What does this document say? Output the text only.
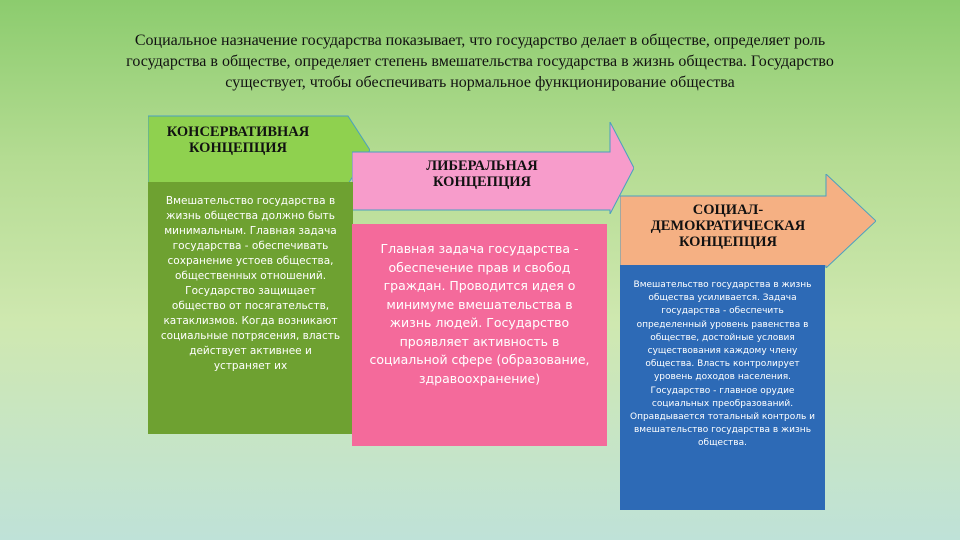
Социальное назначение государства показывает, что государство делает в обществе, определяет роль государства в обществе, определяет степень вмешательства государства в жизнь общества. Государство существует, чтобы обеспечивать нормальное функционирование общества
КОНСЕРВАТИВНАЯ КОНЦЕПЦИЯ
ЛИБЕРАЛЬНАЯ КОНЦЕПЦИЯ
СОЦИАЛ-ДЕМОКРАТИЧЕСКАЯ КОНЦЕПЦИЯ
Вмешательство государства в жизнь общества должно быть минимальным. Главная задача государства - обеспечивать сохранение устоев общества, общественных отношений. Государство защищает общество от посягательств, катаклизмов. Когда возникают социальные потрясения, власть действует активнее и устраняет их
Главная задача государства - обеспечение прав и свобод граждан. Проводится идея о минимуме вмешательства в жизнь людей. Государство проявляет активность в социальной сфере (образование, здравоохранение)
Вмешательство государства в жизнь общества усиливается. Задача государства - обеспечить определенный уровень равенства в обществе, достойные условия существования каждому члену общества. Власть контролирует уровень доходов населения. Государство - главное орудие социальных преобразований. Оправдывается тотальный контроль и вмешательство государства в жизнь общества.
